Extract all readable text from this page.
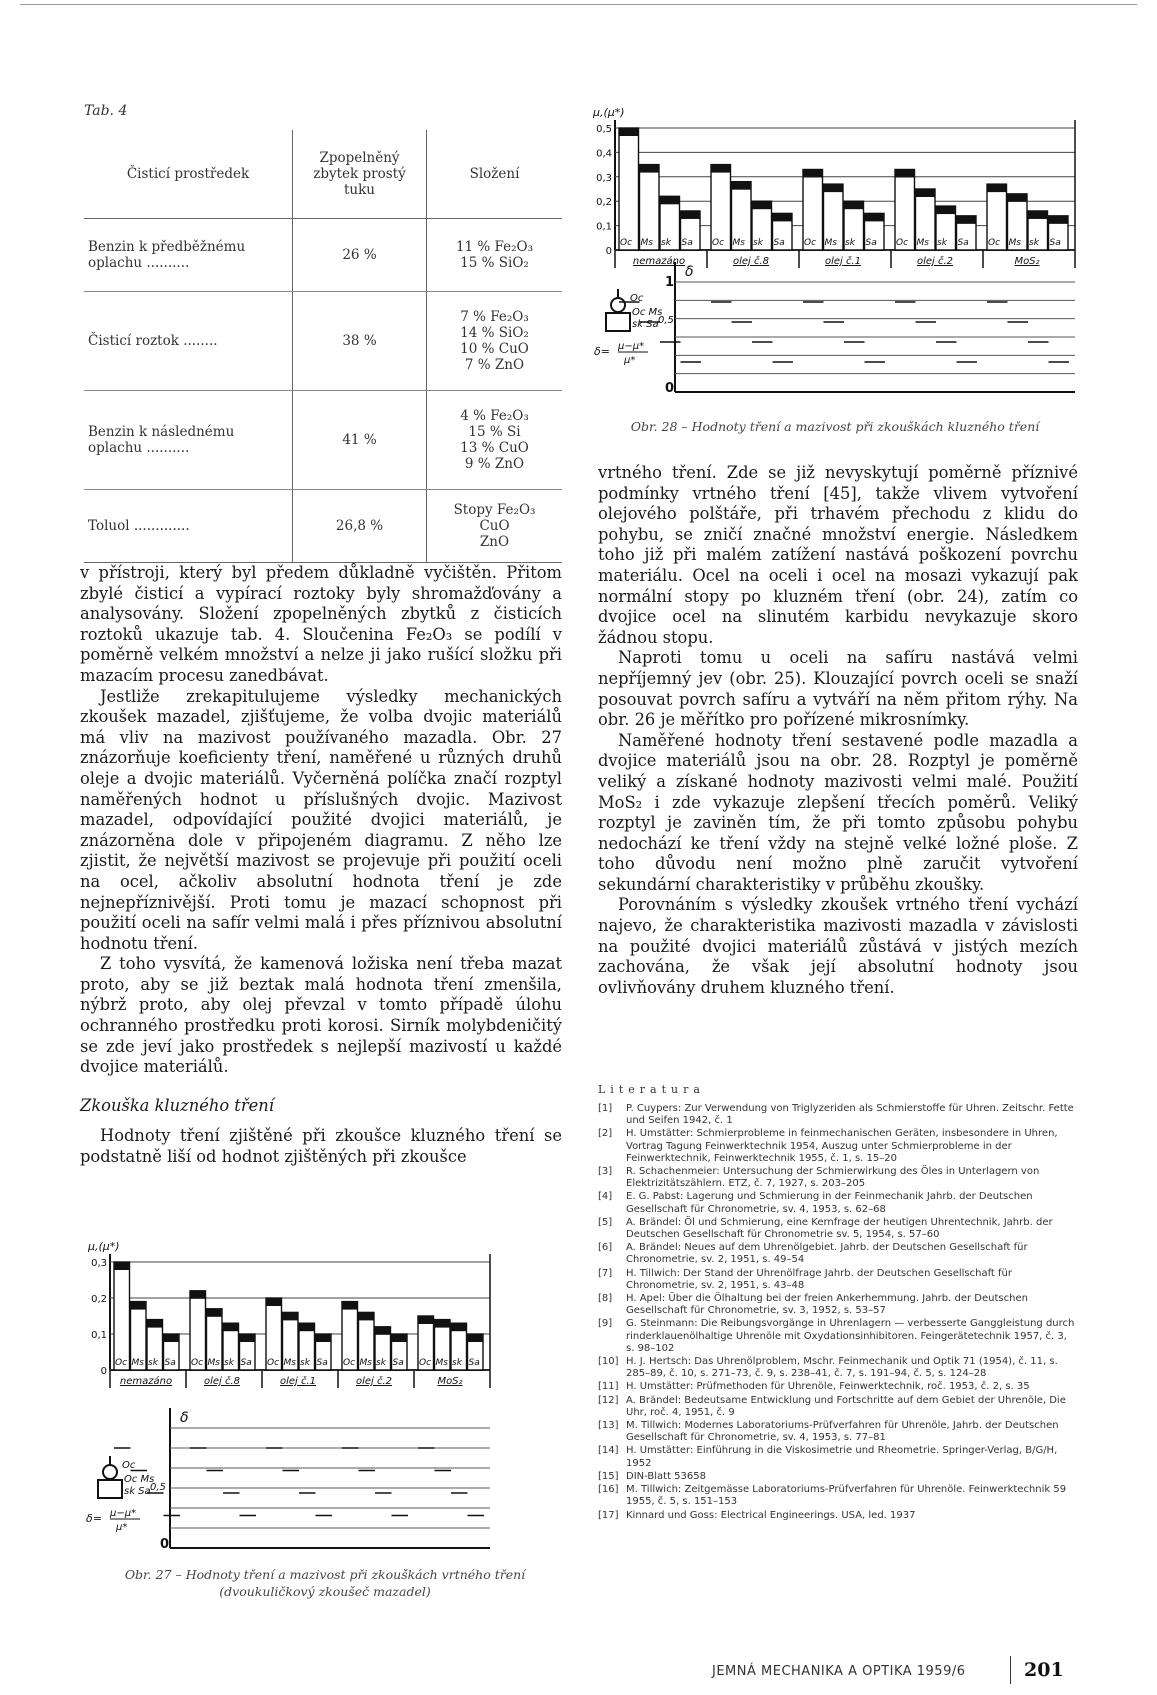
Tab. 4
Čisticí prostředek	Zpopelněný zbytek prostý tuku	Složení
Benzin k předběžnému oplachu ..........	26 %	11 % Fe₂O₃
15 % SiO₂

Čisticí roztok ........	38 %	7 % Fe₂O₃
14 % SiO₂
10 % CuO
7 % ZnO

Benzin k následnému oplachu ..........	41 %	4 % Fe₂O₃
15 % Si
13 % CuO
9 % ZnO

Toluol .............	26,8 %	Stopy Fe₂O₃
CuO
ZnO

v přístroji, který byl předem důkladně vyčištěn. Přitom zbylé čisticí a vypírací roztoky byly shromažďovány a analysovány. Složení zpopelněných zbytků z čisticích roztoků ukazuje tab. 4. Sloučenina Fe₂O₃ se podílí v poměrně velkém množství a nelze ji jako rušící složku při mazacím procesu zanedbávat.

Jestliže zrekapitulujeme výsledky mechanických zkoušek mazadel, zjišťujeme, že volba dvojic materiálů má vliv na mazivost používaného mazadla. Obr. 27 znázorňuje koeficienty tření, naměřené u různých druhů oleje a dvojic materiálů. Vyčerněná políčka značí rozptyl naměřených hodnot u příslušných dvojic. Mazivost mazadel, odpovídající použité dvojici materiálů, je znázorněna dole v připojeném diagramu. Z něho lze zjistit, že největší mazivost se projevuje při použití oceli na ocel, ačkoliv absolutní hodnota tření je zde nejnepříznivější. Proti tomu je mazací schopnost při použití oceli na safír velmi malá i přes příznivou absolutní hodnotu tření.

Z toho vysvítá, že kamenová ložiska není třeba mazat proto, aby se již beztak malá hodnota tření zmenšila, nýbrž proto, aby olej převzal v tomto případě úlohu ochranného prostředku proti korosi. Sirník molybdeničitý se zde jeví jako prostředek s nejlepší mazivostí u každé dvojice materiálů.

Zkouška kluzného tření

Hodnoty tření zjištěné při zkoušce kluzného tření se podstatně liší od hodnot zjištěných při zkoušce

0,3
0,2
0,1
0
μ,(μ*)
Oc Ms sk Sa
nemazáno
Oc Ms sk Sa
olej č.8
Oc Ms sk Sa
olej č.1
Oc Ms sk Sa
olej č.2
Oc Ms sk Sa
MoS₂
δ
0
Oc
Oc Ms
sk Sa 0,5
δ= μ−μ*
μ*
Obr. 27 – Hodnoty tření a mazivost při zkouškách vrtného tření
(dvoukuličkový zkoušeč mazadel)
0,5
0,4
0,3
0,2
0,1
0
μ,(μ*)
Oc Ms sk Sa
nemazáno
Oc Ms sk Sa
olej č.8
Oc Ms sk Sa
olej č.1
Oc Ms sk Sa
olej č.2
Oc Ms sk Sa
MoS₂
δ
0
1
Oc
Oc Ms
sk Sa 0,5
δ= μ−μ*
μ*
Obr. 28 – Hodnoty tření a mazivost při zkouškách kluzného tření

vrtného tření. Zde se již nevyskytují poměrně příznivé podmínky vrtného tření [45], takže vlivem vytvoření olejového polštáře, při trhavém přechodu z klidu do pohybu, se zničí značné množství energie. Následkem toho již při malém zatížení nastává poškození povrchu materiálu. Ocel na oceli i ocel na mosazi vykazují pak normální stopy po kluzném tření (obr. 24), zatím co dvojice ocel na slinutém karbidu nevykazuje skoro žádnou stopu.

Naproti tomu u oceli na safíru nastává velmi nepříjemný jev (obr. 25). Klouzající povrch oceli se snaží posouvat povrch safíru a vytváří na něm přitom rýhy. Na obr. 26 je měřítko pro pořízené mikrosnímky.

Naměřené hodnoty tření sestavené podle mazadla a dvojice materiálů jsou na obr. 28. Rozptyl je poměrně veliký a získané hodnoty mazivosti velmi malé. Použití MoS₂ i zde vykazuje zlepšení třecích poměrů. Veliký rozptyl je zaviněn tím, že při tomto způsobu pohybu nedochází ke tření vždy na stejně velké ložné ploše. Z toho důvodu není možno plně zaručit vytvoření sekundární charakteristiky v průběhu zkoušky.

Porovnáním s výsledky zkoušek vrtného tření vychází najevo, že charakteristika mazivosti mazadla v závislosti na použité dvojici materiálů zůstává v jistých mezích zachována, že však její absolutní hodnoty jsou ovlivňovány druhem kluzného tření.

Literatura
[1] P. Cuypers: Zur Verwendung von Triglyzeriden als Schmierstoffe für Uhren. Zeitschr. Fette und Seifen 1942, č. 1
[2] H. Umstätter: Schmierprobleme in feinmechanischen Geräten, insbesondere in Uhren, Vortrag Tagung Feinwerktechnik 1954, Auszug unter Schmierprobleme in der Feinwerktechnik, Feinwerktechnik 1955, č. 1, s. 15–20
[3] R. Schachenmeier: Untersuchung der Schmierwirkung des Öles in Unterlagern von Elektrizitätszählern. ETZ, č. 7, 1927, s. 203–205
[4] E. G. Pabst: Lagerung und Schmierung in der Feinmechanik Jahrb. der Deutschen Gesellschaft für Chronometrie, sv. 4, 1953, s. 62–68
[5] A. Brändel: Öl und Schmierung, eine Kernfrage der heutigen Uhrentechnik, Jahrb. der Deutschen Gesellschaft für Chronometrie sv. 5, 1954, s. 57–60
[6] A. Brändel: Neues auf dem Uhrenölgebiet. Jahrb. der Deutschen Gesellschaft für Chronometrie, sv. 2, 1951, s. 49–54
[7] H. Tillwich: Der Stand der Uhrenölfrage Jahrb. der Deutschen Gesellschaft für Chronometrie, sv. 2, 1951, s. 43–48
[8] H. Apel: Über die Ölhaltung bei der freien Ankerhemmung. Jahrb. der Deutschen Gesellschaft für Chronometrie, sv. 3, 1952, s. 53–57
[9] G. Steinmann: Die Reibungsvorgänge in Uhrenlagern — verbesserte Ganggleistung durch rinderklauenölhaltige Uhrenöle mit Oxydationsinhibitoren. Feingerätetechnik 1957, č. 3, s. 98–102
[10] H. J. Hertsch: Das Uhrenölproblem, Mschr. Feinmechanik und Optik 71 (1954), č. 11, s. 285–89, č. 10, s. 271–73, č. 9, s. 238–41, č. 7, s. 191–94, č. 5, s. 124–28
[11] H. Umstätter: Prüfmethoden für Uhrenöle, Feinwerktechnik, roč. 1953, č. 2, s. 35
[12] A. Brändel: Bedeutsame Entwicklung und Fortschritte auf dem Gebiet der Uhrenöle, Die Uhr, roč. 4, 1951, č. 9
[13] M. Tillwich: Modernes Laboratoriums-Prüfverfahren für Uhrenöle, Jahrb. der Deutschen Gesellschaft für Chronometrie, sv. 4, 1953, s. 77–81
[14] H. Umstätter: Einführung in die Viskosimetrie und Rheometrie. Springer-Verlag, B/G/H, 1952
[15] DIN-Blatt 53658
[16] M. Tillwich: Zeitgemässe Laboratoriums-Prüfverfahren für Uhrenöle. Feinwerktechnik 59 1955, č. 5, s. 151–153
[17] Kinnard und Goss: Electrical Engineerings. USA, led. 1937
JEMNÁ MECHANIKA A OPTIKA 1959/6	201
